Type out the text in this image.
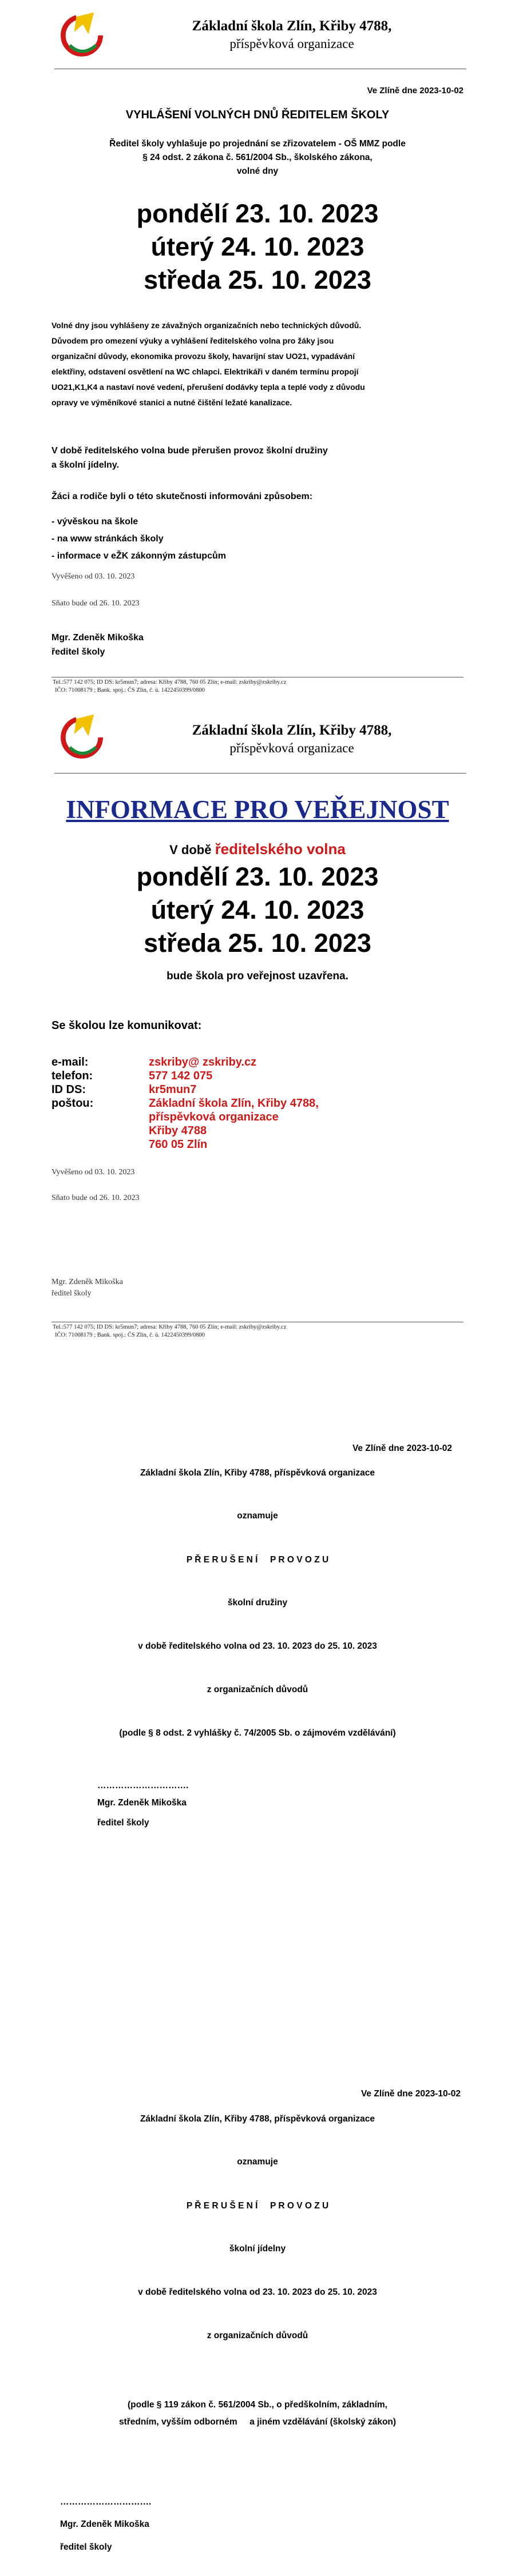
Základní škola Zlín, Křiby 4788,
příspěvková organizace
Ve Zlíně dne 2023-10-02
VYHLÁŠENÍ VOLNÝCH DNŮ ŘEDITELEM ŠKOLY
Ředitel školy vyhlašuje po projednání se zřizovatelem - OŠ MMZ podle
§ 24 odst. 2 zákona č. 561/2004 Sb., školského zákona,
volné dny
pondělí 23. 10. 2023
úterý 24. 10. 2023
středa 25. 10. 2023
Volné dny jsou vyhlášeny ze závažných organizačních nebo technických důvodů.
Důvodem pro omezení výuky a vyhlášení ředitelského volna pro žáky jsou
organizační důvody, ekonomika provozu školy, havarijní stav UO21, vypadávání
elektřiny, odstavení osvětlení na WC chlapci. Elektrikáři v daném termínu propojí
UO21,K1,K4 a nastaví nové vedení, přerušení dodávky tepla a teplé vody z důvodu
opravy ve výměníkové stanici a nutné čištění ležaté kanalizace.
V době ředitelského volna bude přerušen provoz školní družiny
a školní jídelny.
Žáci a rodiče byli o této skutečnosti informováni způsobem:
- vývěskou na škole
- na www stránkách školy
- informace v eŽK zákonným zástupcům
Vyvěšeno od 03. 10. 2023
Sňato bude od 26. 10. 2023
Mgr. Zdeněk Mikoška
ředitel školy
Tel.:577 142 075; ID DS: kr5mun7; adresa: Křiby 4788, 760 05 Zlín; e-mail: zskriby@zskriby.cz
IČO: 71008179 ; Bank. spoj.: ČS Zlín, č. ú. 1422450399/0800
Základní škola Zlín, Křiby 4788,
příspěvková organizace
INFORMACE PRO VEŘEJNOST
V době ředitelského volna
pondělí 23. 10. 2023
úterý 24. 10. 2023
středa 25. 10. 2023
bude škola pro veřejnost uzavřena.
Se školou lze komunikovat:
e-mail:	zskriby@ zskriby.cz
telefon:	577 142 075
ID DS:	kr5mun7
poštou:	Základní škola Zlín, Křiby 4788,
příspěvková organizace
Křiby 4788
760 05 Zlín
Vyvěšeno od 03. 10. 2023
Sňato bude od 26. 10. 2023
Mgr. Zdeněk Mikoška
ředitel školy
Tel.:577 142 075; ID DS: kr5mun7; adresa: Křiby 4788, 760 05 Zlín; e-mail: zskriby@zskriby.cz
IČO: 71008179 ; Bank. spoj.: ČS Zlín, č. ú. 1422450399/0800
Ve Zlíně dne 2023-10-02
Základní škola Zlín, Křiby 4788, příspěvková organizace
oznamuje
P Ř E R U Š E N Í     P R O V O Z U
školní družiny
v době ředitelského volna od 23. 10. 2023 do 25. 10. 2023
z organizačních důvodů
(podle § 8 odst. 2 vyhlášky č. 74/2005 Sb. o zájmovém vzdělávání)
………………………….
Mgr. Zdeněk Mikoška
ředitel školy
Ve Zlíně dne 2023-10-02
Základní škola Zlín, Křiby 4788, příspěvková organizace
oznamuje
P Ř E R U Š E N Í     P R O V O Z U
školní jídelny
v době ředitelského volna od 23. 10. 2023 do 25. 10. 2023
z organizačních důvodů
(podle § 119 zákon č. 561/2004 Sb., o předškolním, základním,
středním, vyšším odborném     a jiném vzdělávání (školský zákon)
………………………….
Mgr. Zdeněk Mikoška
ředitel školy
